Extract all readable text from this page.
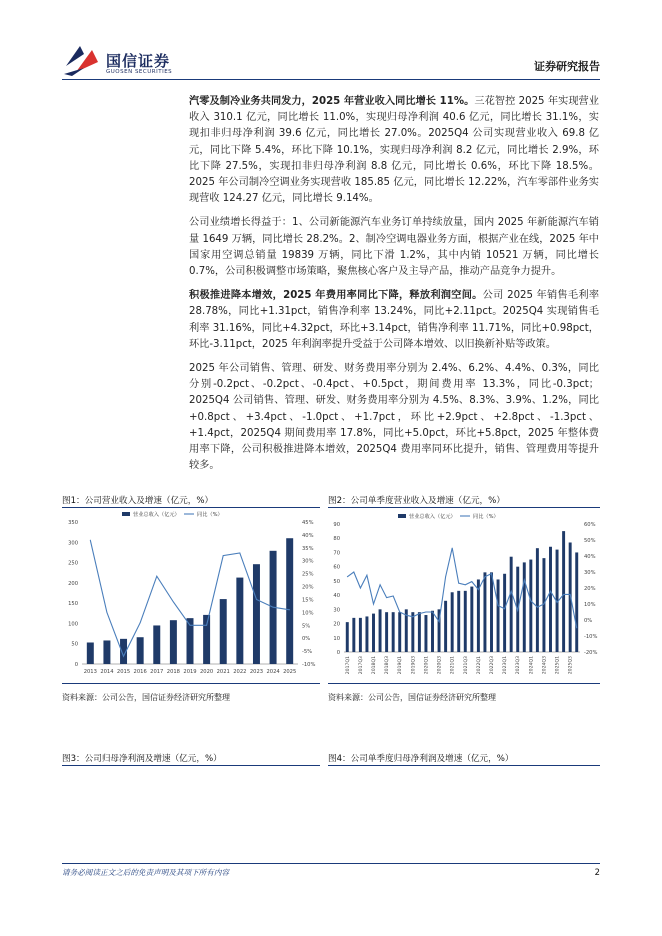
国信证券
GUOSEN SECURITIES	证券研究报告

汽零及制冷业务共同发力，2025 年营业收入同比增长 11%。三花智控 2025 年实现营业收入 310.1 亿元，同比增长 11.0%，实现归母净利润 40.6 亿元，同比增长 31.1%，实现扣非归母净利润 39.6 亿元，同比增长 27.0%。2025Q4 公司实现营业收入 69.8 亿元，同比下降 5.4%，环比下降 10.1%，实现归母净利润 8.2 亿元，同比增长 2.9%，环比下降 27.5%，实现扣非归母净利润 8.8 亿元，同比增长 0.6%，环比下降 18.5%。2025 年公司制冷空调业务实现营收 185.85 亿元，同比增长 12.22%，汽车零部件业务实现营收 124.27 亿元，同比增长 9.14%。

公司业绩增长得益于：1、公司新能源汽车业务订单持续放量，国内 2025 年新能源汽车销量 1649 万辆，同比增长 28.2%。2、制冷空调电器业务方面，根据产业在线，2025 年中国家用空调总销量 19839 万辆，同比下滑 1.2%，其中内销 10521 万辆，同比增长 0.7%，公司积极调整市场策略，聚焦核心客户及主导产品，推动产品竞争力提升。

积极推进降本增效，2025 年费用率同比下降，释放利润空间。公司 2025 年销售毛利率 28.78%，同比+1.31pct，销售净利率 13.24%，同比+2.11pct。2025Q4 实现销售毛利率 31.16%，同比+4.32pct，环比+3.14pct，销售净利率 11.71%，同比+0.98pct，环比-3.11pct，2025 年利润率提升受益于公司降本增效、以旧换新补贴等政策。

2025 年公司销售、管理、研发、财务费用率分别为 2.4%、6.2%、4.4%、0.3%，同比分别-0.2pct、-0.2pct、-0.4pct、+0.5pct，期间费用率 13.3%，同比-0.3pct；2025Q4 公司销售、管理、研发、财务费用率分别为 4.5%、8.3%、3.9%、1.2%，同比+0.8pct、+3.4pct、-1.0pct、+1.7pct，环比+2.9pct、+2.8pct、-1.3pct、+1.4pct，2025Q4 期间费用率 17.8%，同比+5.0pct，环比+5.8pct，2025 年整体费用率下降，公司积极推进降本增效，2025Q4 费用率同环比提升，销售、管理费用等提升较多。

图1：公司营业收入及增速（亿元，%）
0
50
100
150
200
250
300
350
-10%
-5%
0%
5%
10%
15%
20%
25%
30%
35%
40%
45%
2013 2014 2015 2016 2017 2018 2019 2020 2021 2022 2023 2024 2025
营业总收入（亿元）	同比（%）
资料来源：公司公告，国信证券经济研究所整理
图2：公司单季度营业收入及增速（亿元，%）
0
10
20
30
40
50
60
70
80
90
-20%
-10%
0%
10%
20%
30%
40%
50%
60%
2017Q1 2017Q3 2018Q1 2018Q3 2019Q1 2019Q3 2020Q1 2020Q3 2021Q1 2021Q3 2022Q1 2022Q3 2023Q1 2023Q3 2024Q1 2024Q3 2025Q1 2025Q3
营业总收入（亿元）	同比（%）
资料来源：公司公告，国信证券经济研究所整理
图3：公司归母净利润及增速（亿元，%）	图4：公司单季度归母净利润及增速（亿元，%）
请务必阅读正文之后的免责声明及其项下所有内容	2
